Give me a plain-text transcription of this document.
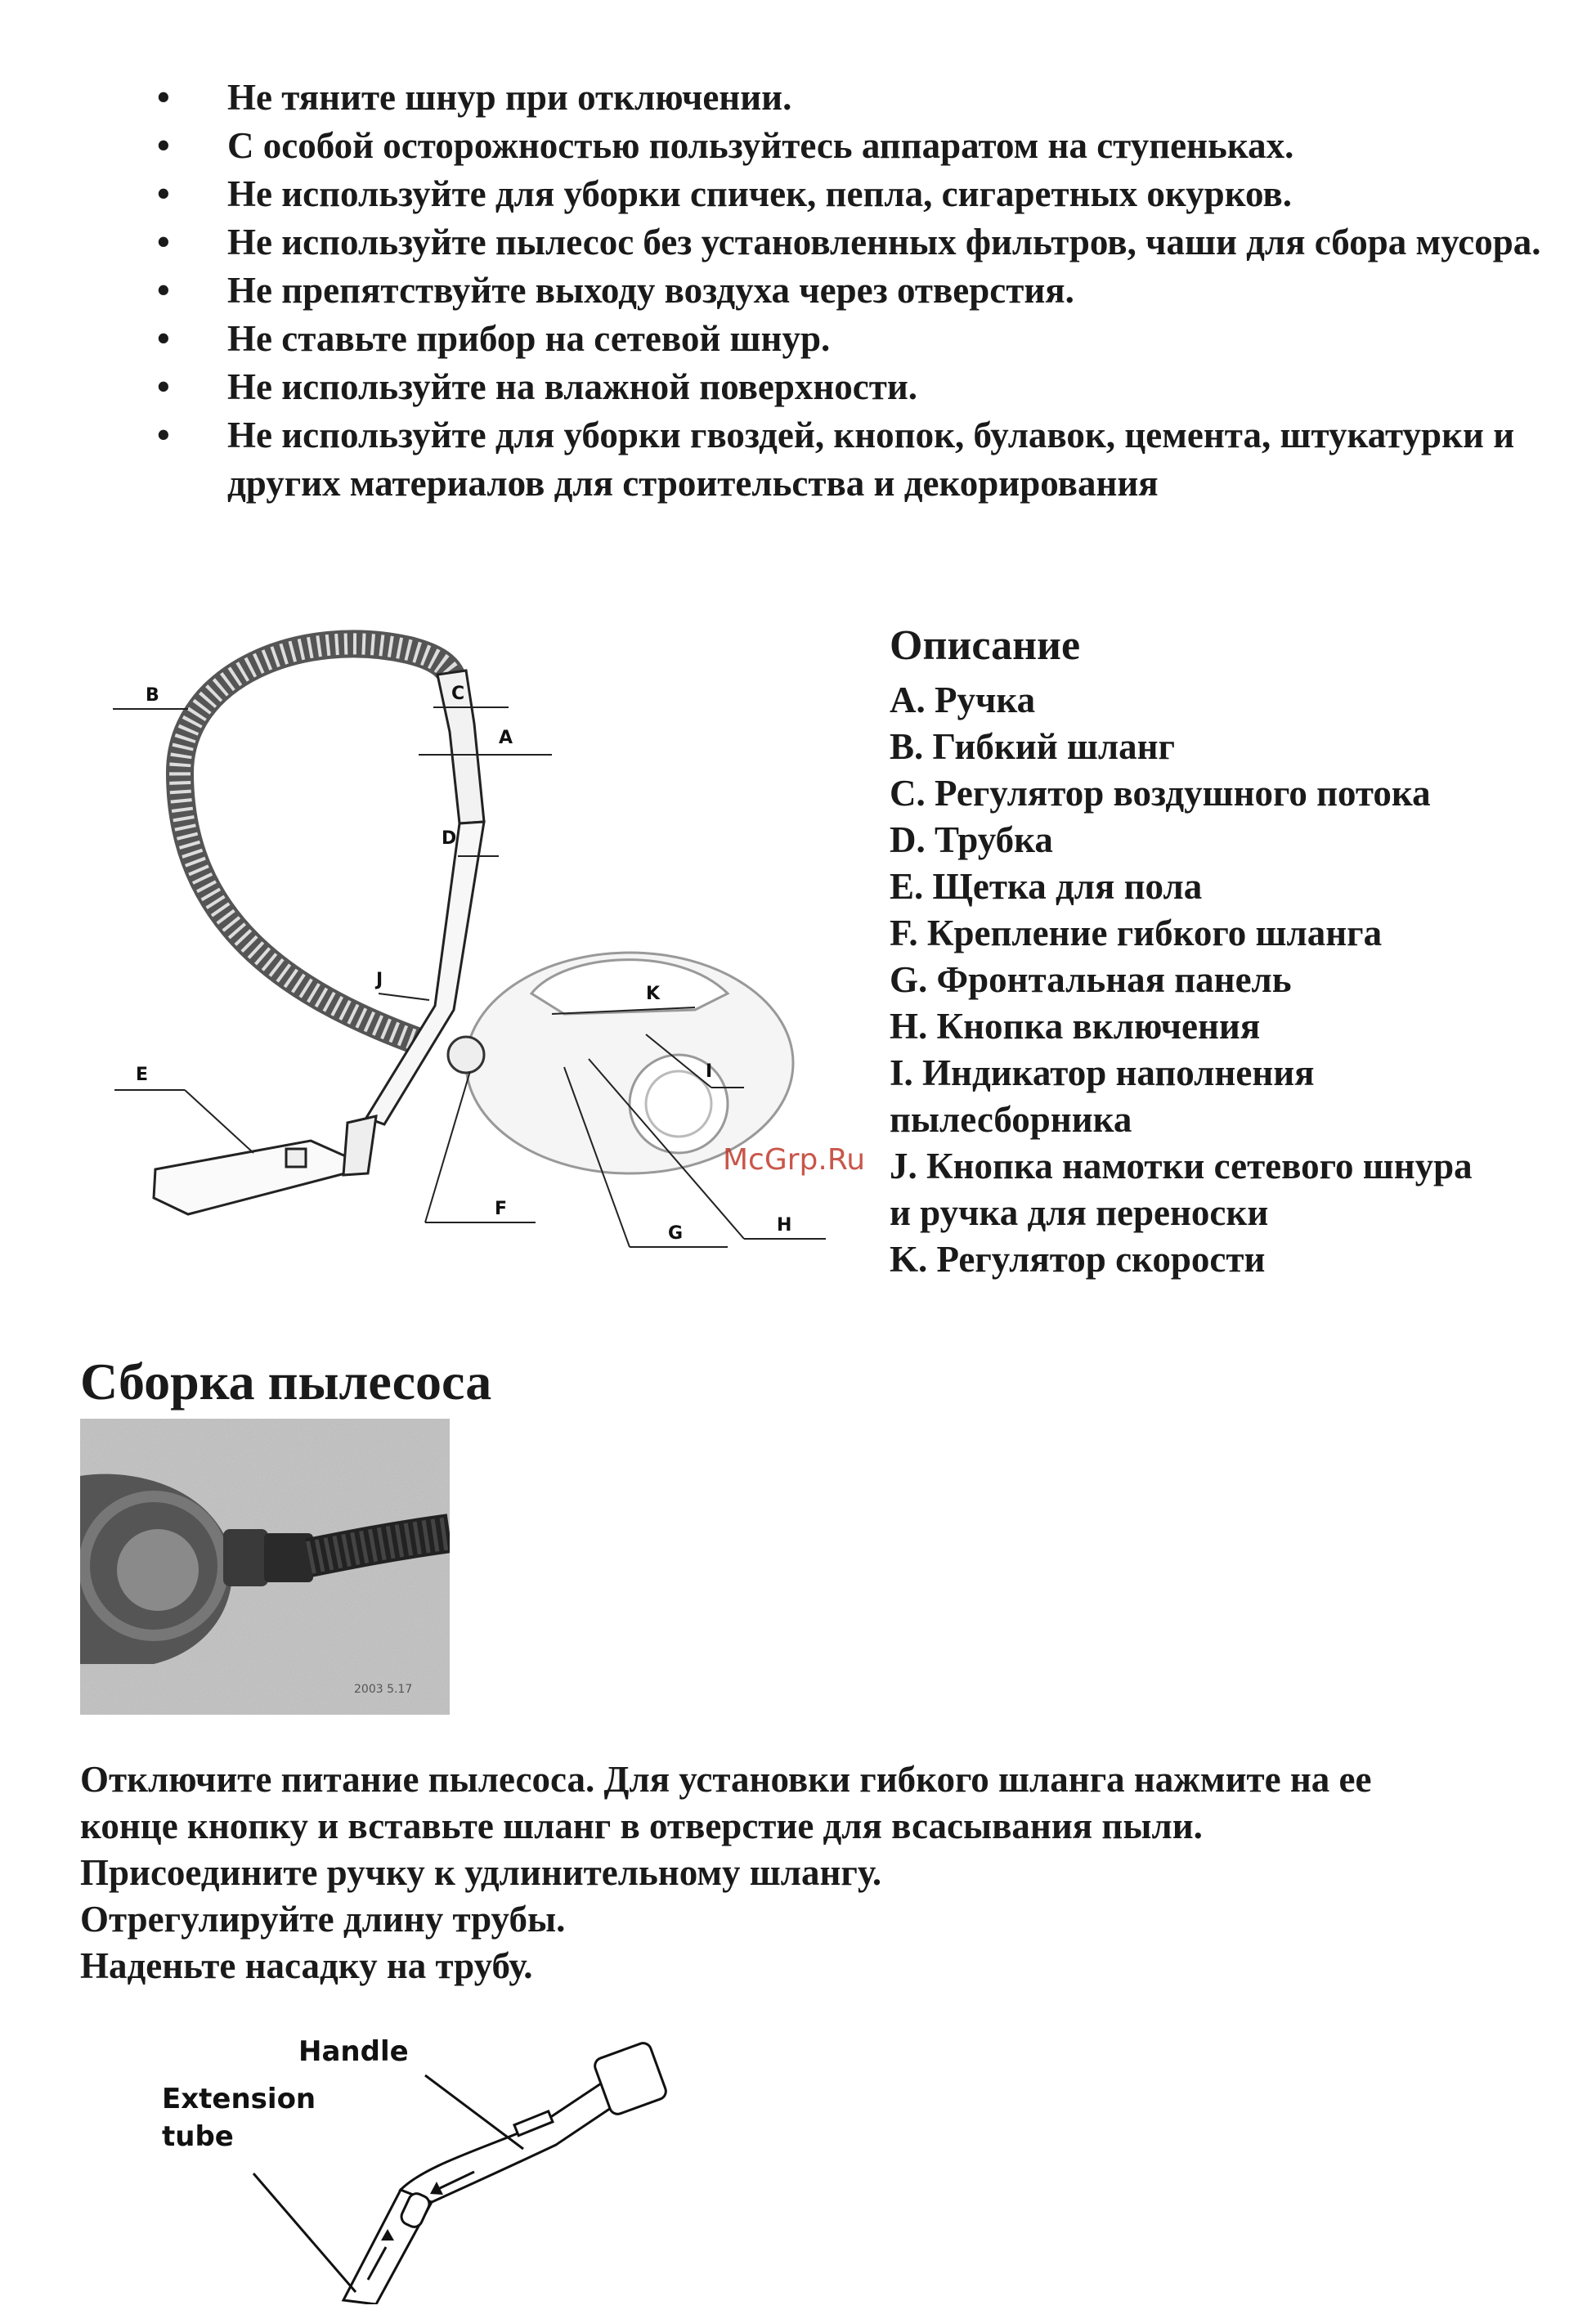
• Не тяните шнур при отключении.
• С особой осторожностью пользуйтесь аппаратом на ступеньках.
• Не используйте для уборки спичек, пепла, сигаретных окурков.
• Не используйте пылесос без установленных фильтров, чаши для сбора мусора.
• Не препятствуйте выходу воздуха через отверстия.
• Не ставьте прибор на сетевой шнур.
• Не используйте на влажной поверхности.
• Не используйте для уборки гвоздей, кнопок, булавок, цемента, штукатурки и других материалов для строительства и декорирования
A
B	C
D
E
F
G	H
I
J
K
Описание
A. Ручка
B. Гибкий шланг
C. Регулятор воздушного потока
D. Трубка
E. Щетка для пола
F. Крепление гибкого шланга
G. Фронтальная панель
H. Кнопка включения
I. Индикатор наполнения
пылесборника
J. Кнопка намотки сетевого шнура
и ручка для переноски
K. Регулятор скорости
McGrp.Ru
Сборка пылесоса
2003 5.17
Отключите питание пылесоса. Для установки гибкого шланга нажмите на ее
конце кнопку и вставьте шланг в отверстие для всасывания пыли.
Присоедините ручку к удлинительному шлангу.
Отрегулируйте длину трубы.
Наденьте насадку на трубу.
Handle
Extension
tube
